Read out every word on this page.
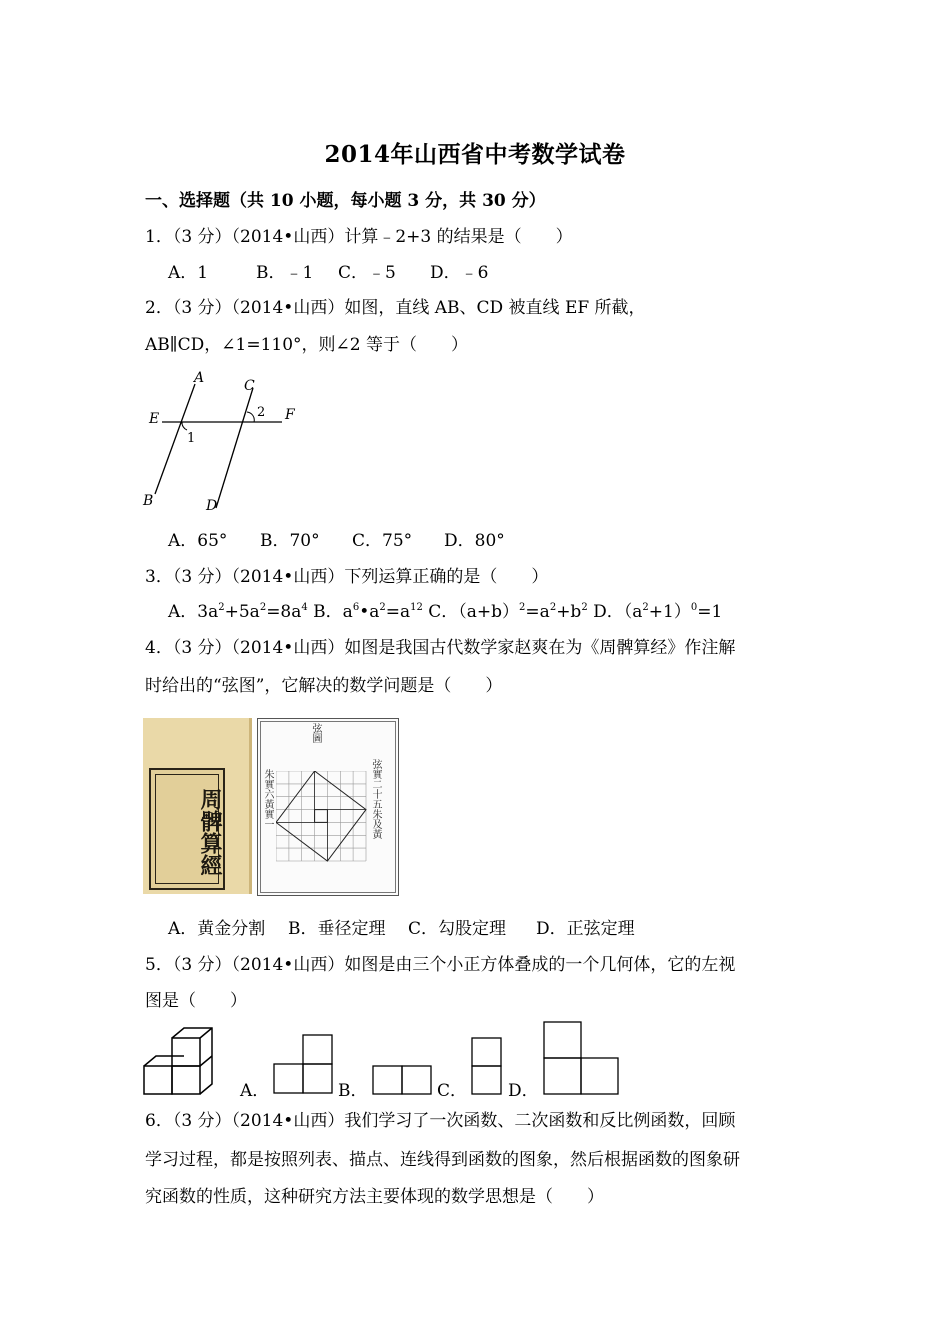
2014年山西省中考数学试卷
一、选择题（共 10 小题，每小题 3 分，共 30 分）
1．（3 分）（2014•山西）计算﹣2+3 的结果是（　　）
A．1	B．﹣1 C．﹣5 D．﹣6
2．（3 分）（2014•山西）如图，直线 AB、CD 被直线 EF 所截，
AB∥CD，∠1=110°，则∠2 等于（　　）
A	C
E	F
2
1
B	D
A．65° B．70° C．75° D．80°
3．（3 分）（2014•山西）下列运算正确的是（　　）
A．$3a^2+5a^2=8a^4$ B．$a^6•a^2=a^{12}$ C．$(a+b)^2=a^2+b^2$ D．$(a^2+1)^0=1$
4．（3 分）（2014•山西）如图是我国古代数学家赵爽在为《周髀算经》作注解
时给出的“弦图”，它解决的数学问题是（　　）
周髀算經
弦圖
朱實六黃實一	弦實二十五朱及黃
A．黄金分割 B．垂径定理 C．勾股定理 D．正弦定理
5．（3 分）（2014•山西）如图是由三个小正方体叠成的一个几何体，它的左视
图是（　　）
A．	B．	C． D．
6．（3 分）（2014•山西）我们学习了一次函数、二次函数和反比例函数，回顾
学习过程，都是按照列表、描点、连线得到函数的图象，然后根据函数的图象研
究函数的性质，这种研究方法主要体现的数学思想是（　　）
